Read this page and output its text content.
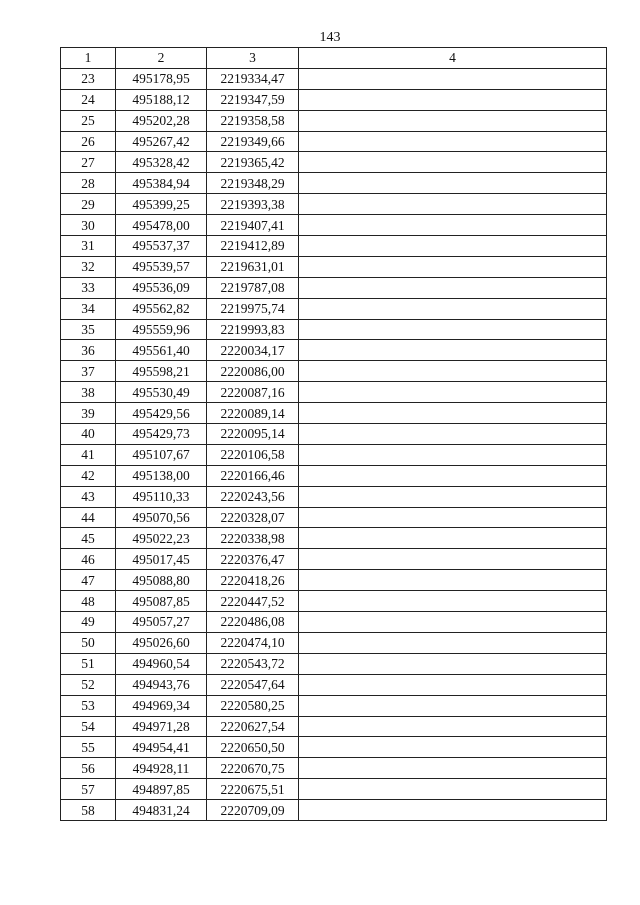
143
1	2	3	4
23	495178,95	2219334,47	
24	495188,12	2219347,59	
25	495202,28	2219358,58	
26	495267,42	2219349,66	
27	495328,42	2219365,42	
28	495384,94	2219348,29	
29	495399,25	2219393,38	
30	495478,00	2219407,41	
31	495537,37	2219412,89	
32	495539,57	2219631,01	
33	495536,09	2219787,08	
34	495562,82	2219975,74	
35	495559,96	2219993,83	
36	495561,40	2220034,17	
37	495598,21	2220086,00	
38	495530,49	2220087,16	
39	495429,56	2220089,14	
40	495429,73	2220095,14	
41	495107,67	2220106,58	
42	495138,00	2220166,46	
43	495110,33	2220243,56	
44	495070,56	2220328,07	
45	495022,23	2220338,98	
46	495017,45	2220376,47	
47	495088,80	2220418,26	
48	495087,85	2220447,52	
49	495057,27	2220486,08	
50	495026,60	2220474,10	
51	494960,54	2220543,72	
52	494943,76	2220547,64	
53	494969,34	2220580,25	
54	494971,28	2220627,54	
55	494954,41	2220650,50	
56	494928,11	2220670,75	
57	494897,85	2220675,51	
58	494831,24	2220709,09	
